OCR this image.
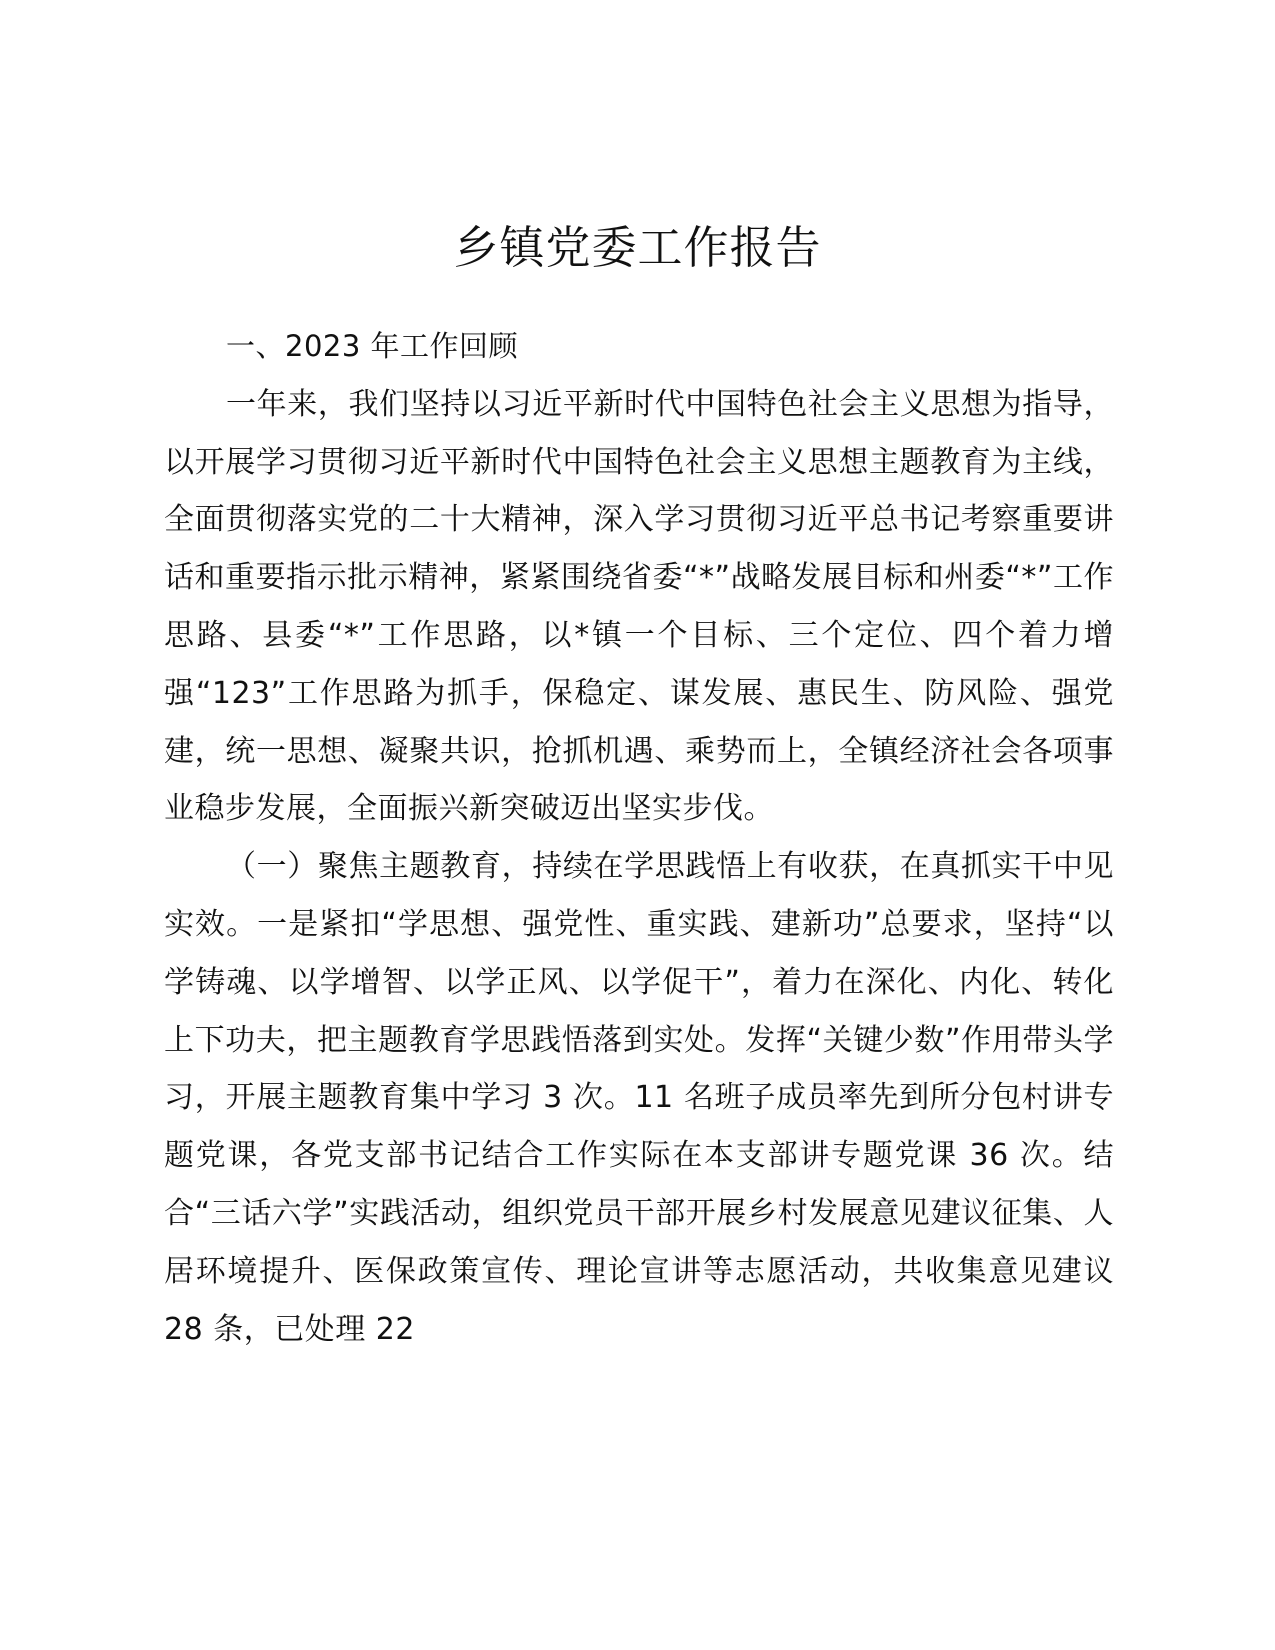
乡镇党委工作报告

一、2023 年工作回顾

一年来，我们坚持以习近平新时代中国特色社会主义思想为指导，以开展学习贯彻习近平新时代中国特色社会主义思想主题教育为主线，全面贯彻落实党的二十大精神，深入学习贯彻习近平总书记考察重要讲话和重要指示批示精神，紧紧围绕省委“*”战略发展目标和州委“*”工作思路、县委“*”工作思路，以*镇一个目标、三个定位、四个着力增强“123”工作思路为抓手，保稳定、谋发展、惠民生、防风险、强党建，统一思想、凝聚共识，抢抓机遇、乘势而上，全镇经济社会各项事业稳步发展，全面振兴新突破迈出坚实步伐。

（一）聚焦主题教育，持续在学思践悟上有收获，在真抓实干中见实效。一是紧扣“学思想、强党性、重实践、建新功”总要求，坚持“以学铸魂、以学增智、以学正风、以学促干”，着力在深化、内化、转化上下功夫，把主题教育学思践悟落到实处。发挥“关键少数”作用带头学习，开展主题教育集中学习 3 次。11 名班子成员率先到所分包村讲专题党课，各党支部书记结合工作实际在本支部讲专题党课 36 次。结合“三话六学”实践活动，组织党员干部开展乡村发展意见建议征集、人居环境提升、医保政策宣传、理论宣讲等志愿活动，共收集意见建议 28 条，已处理 22
